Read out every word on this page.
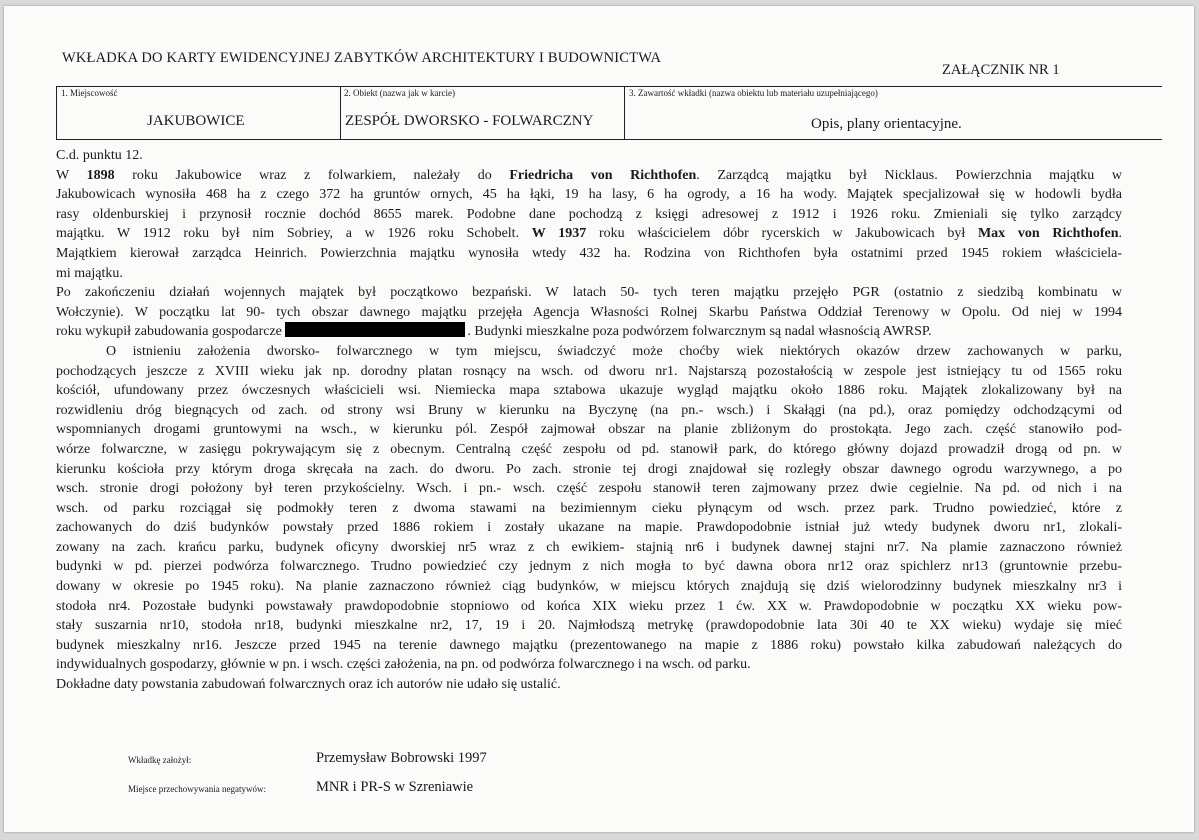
WKŁADKA DO KARTY EWIDENCYJNEJ ZABYTKÓW ARCHITEKTURY I BUDOWNICTWA
ZAŁĄCZNIK NR 1
1. Miejscowość
JAKUBOWICE
2. Obiekt (nazwa jak w karcie)
ZESPÓŁ DWORSKO - FOLWARCZNY
3. Zawartość wkładki (nazwa obiektu lub materiału uzupełniającego)
Opis, plany orientacyjne.
C.d. punktu 12.
W 1898 roku Jakubowice wraz z folwarkiem, należały do Friedricha von Richthofen. Zarządcą majątku był Nicklaus. Powierzchnia majątku w
Jakubowicach wynosiła 468 ha z czego 372 ha gruntów ornych, 45 ha łąki, 19 ha lasy, 6 ha ogrody, a 16 ha wody. Majątek specjalizował się w hodowli bydła
rasy oldenburskiej i przynosił rocznie dochód 8655 marek. Podobne dane pochodzą z księgi adresowej z 1912 i 1926 roku. Zmieniali się tylko zarządcy
majątku. W 1912 roku był nim Sobriey, a w 1926 roku Schobelt. W 1937 roku właścicielem dóbr rycerskich w Jakubowicach był Max von Richthofen.
Majątkiem kierował zarządca Heinrich. Powierzchnia majątku wynosiła wtedy 432 ha. Rodzina von Richthofen była ostatnimi przed 1945 rokiem właściciela-
mi majątku.
Po zakończeniu działań wojennych majątek był początkowo bezpański. W latach 50- tych teren majątku przejęło PGR (ostatnio z siedzibą kombinatu w
Wołczynie). W początku lat 90- tych obszar dawnego majątku przejęła Agencja Własności Rolnej Skarbu Państwa Oddział Terenowy w Opolu. Od niej w 1994
roku wykupił zabudowania gospodarcze	. Budynki mieszkalne poza podwórzem folwarcznym są nadal własnością AWRSP.
O istnieniu założenia dworsko- folwarcznego w tym miejscu, świadczyć może choćby wiek niektórych okazów drzew zachowanych w parku,
pochodzących jeszcze z XVIII wieku jak np. dorodny platan rosnący na wsch. od dworu nr1. Najstarszą pozostałością w zespole jest istniejący tu od 1565 roku
kościół, ufundowany przez ówczesnych właścicieli wsi. Niemiecka mapa sztabowa ukazuje wygląd majątku około 1886 roku. Majątek zlokalizowany był na
rozwidleniu dróg biegnących od zach. od strony wsi Bruny w kierunku na Byczynę (na pn.- wsch.) i Skałągi (na pd.), oraz pomiędzy odchodzącymi od
wspomnianych drogami gruntowymi na wsch., w kierunku pól. Zespół zajmował obszar na planie zbliżonym do prostokąta. Jego zach. część stanowiło pod-
wórze folwarczne, w zasięgu pokrywającym się z obecnym. Centralną część zespołu od pd. stanowił park, do którego główny dojazd prowadził drogą od pn. w
kierunku kościoła przy którym droga skręcała na zach. do dworu. Po zach. stronie tej drogi znajdował się rozległy obszar dawnego ogrodu warzywnego, a po
wsch. stronie drogi położony był teren przykościelny. Wsch. i pn.- wsch. część zespołu stanowił teren zajmowany przez dwie cegielnie. Na pd. od nich i na
wsch. od parku rozciągał się podmokły teren z dwoma stawami na bezimiennym cieku płynącym od wsch. przez park. Trudno powiedzieć, które z
zachowanych do dziś budynków powstały przed 1886 rokiem i zostały ukazane na mapie. Prawdopodobnie istniał już wtedy budynek dworu nr1, zlokali-
zowany na zach. krańcu parku, budynek oficyny dworskiej nr5 wraz z ch ewikiem- stajnią nr6 i budynek dawnej stajni nr7. Na plamie zaznaczono również
budynki w pd. pierzei podwórza folwarcznego. Trudno powiedzieć czy jednym z nich mogła to być dawna obora nr12 oraz spichlerz nr13 (gruntownie przebu-
dowany w okresie po 1945 roku). Na planie zaznaczono również ciąg budynków, w miejscu których znajdują się dziś wielorodzinny budynek mieszkalny nr3 i
stodoła nr4. Pozostałe budynki powstawały prawdopodobnie stopniowo od końca XIX wieku przez 1 ćw. XX w. Prawdopodobnie w początku XX wieku pow-
stały suszarnia nr10, stodoła nr18, budynki mieszkalne nr2, 17, 19 i 20. Najmłodszą metrykę (prawdopodobnie lata 30i 40 te XX wieku) wydaje się mieć
budynek mieszkalny nr16. Jeszcze przed 1945 na terenie dawnego majątku (prezentowanego na mapie z 1886 roku) powstało kilka zabudowań należących do
indywidualnych gospodarzy, głównie w pn. i wsch. części założenia, na pn. od podwórza folwarcznego i na wsch. od parku.
Dokładne daty powstania zabudowań folwarcznych oraz ich autorów nie udało się ustalić.
Wkładkę założył:	Przemysław Bobrowski 1997
Miejsce przechowywania negatywów:	MNR i PR-S w Szreniawie
